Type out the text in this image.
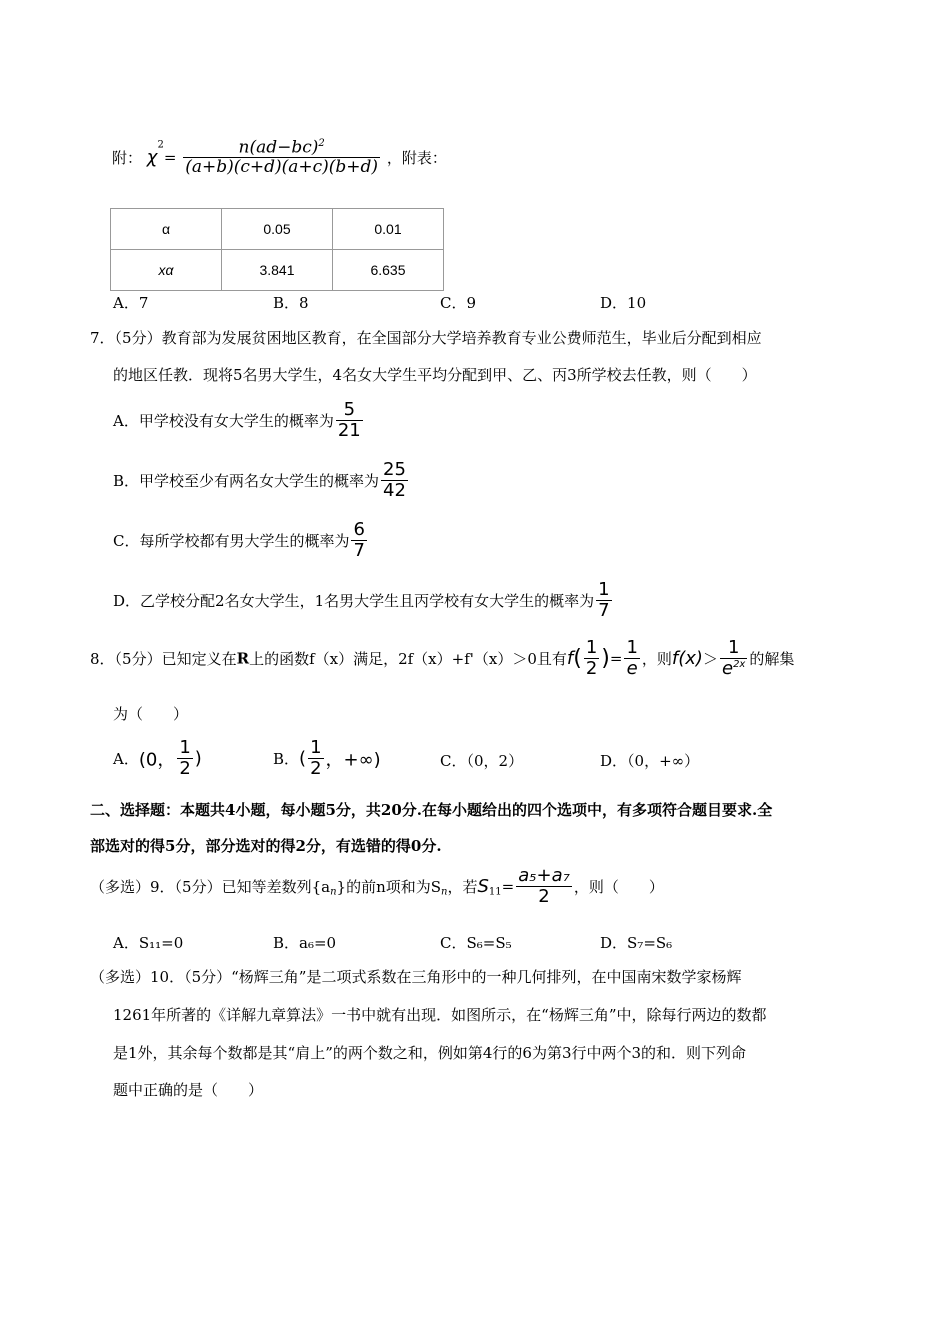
附： $\chi^2= \frac{n(ad-bc)^2}{(a+b)(c+d)(a+c)(b+d)}$ ，附表：
α	0.05	0.01
xα	3.841	6.635
A．7	B．8	C．9	D．10
7．（5分）教育部为发展贫困地区教育，在全国部分大学培养教育专业公费师范生，毕业后分配到相应
的地区任教．现将5名男大学生，4名女大学生平均分配到甲、乙、丙3所学校去任教，则（　　）
A．甲学校没有女大学生的概率为 $\frac{5}{21}$
B．甲学校至少有两名女大学生的概率为 $\frac{25}{42}$
C．每所学校都有男大学生的概率为 $\frac{6}{7}$
D．乙学校分配2名女大学生，1名男大学生且丙学校有女大学生的概率为 $\frac{1}{7}$
8．（5分）已知定义在R上的函数f（x）满足，2f（x）+f'（x）＞0且有$f( \frac{1}{2}$ )= $\frac{1}{e}$ ，则$f(x)> \frac{1}{e^{2x}}$ 的解集
为（　　）
A．(0， $\frac{1}{2}$ )	B．( $\frac{1}{2}$ ，+∞)	C．（0，2）	D．（0，+∞）
二、选择题：本题共4小题，每小题5分，共20分.在每小题给出的四个选项中，有多项符合题目要求.全
部选对的得5分，部分选对的得2分，有选错的得0分.
（多选）9．（5分）已知等差数列$\{a_n\}$的前n项和为$S_n$，若$S_{11}= \frac{\text{a₅+a₇}}{2}$ ，则（　　）
A．S₁₁=0	B．a₆=0	C．S₆=S₅	D．S₇=S₆
（多选）10．（5分）“杨辉三角”是二项式系数在三角形中的一种几何排列，在中国南宋数学家杨辉
1261年所著的《详解九章算法》一书中就有出现．如图所示，在“杨辉三角”中，除每行两边的数都
是1外，其余每个数都是其“肩上”的两个数之和，例如第4行的6为第3行中两个3的和．则下列命
题中正确的是（　　）
